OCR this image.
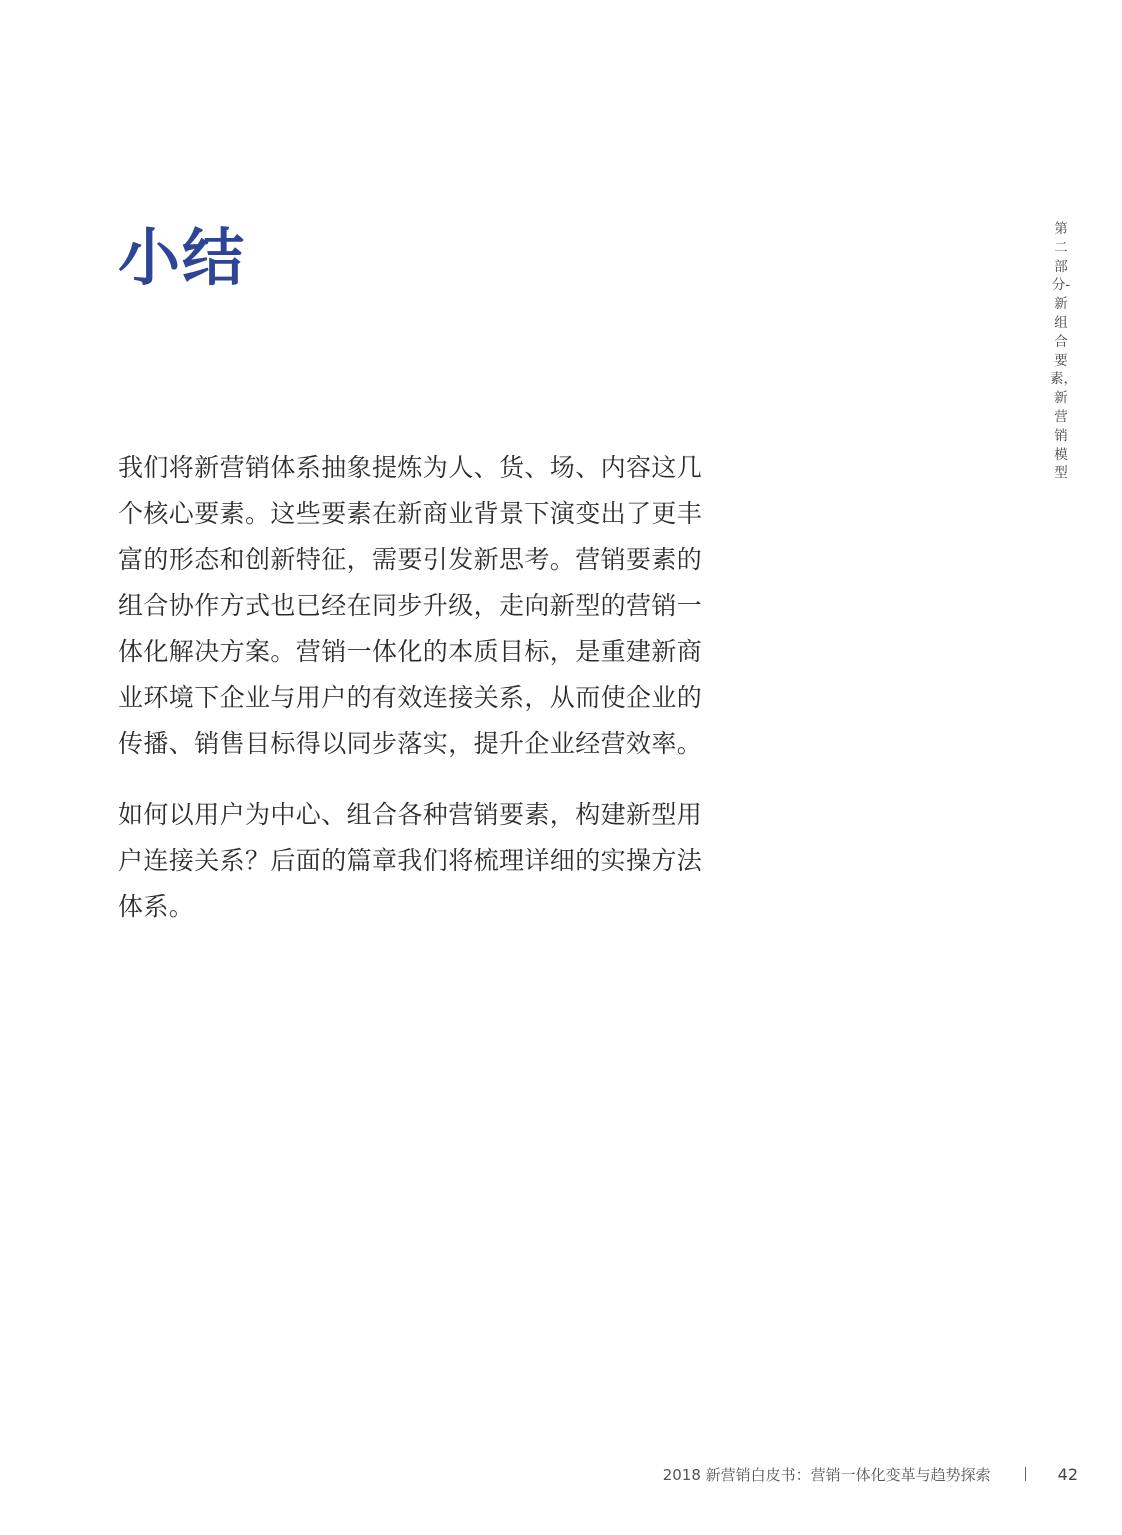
小结	第二部分-新组合要素，新营销模型

我们将新营销体系抽象提炼为人、货、场、内容这几个核心要素。这些要素在新商业背景下演变出了更丰富的形态和创新特征，需要引发新思考。营销要素的组合协作方式也已经在同步升级，走向新型的营销一体化解决方案。营销一体化的本质目标，是重建新商业环境下企业与用户的有效连接关系，从而使企业的传播、销售目标得以同步落实，提升企业经营效率。

如何以用户为中心、组合各种营销要素，构建新型用户连接关系？后面的篇章我们将梳理详细的实操方法体系。

2018 新营销白皮书：营销一体化变革与趋势探索	42
